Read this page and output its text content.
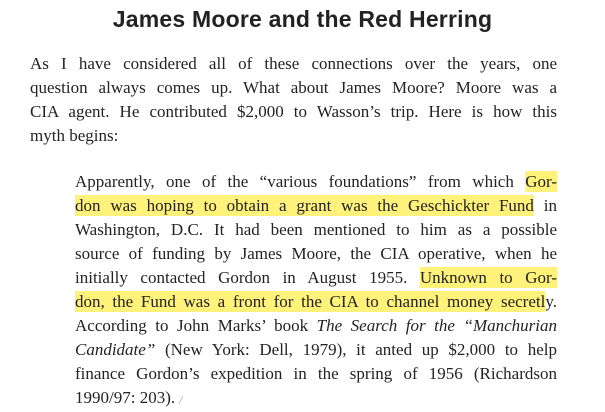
James Moore and the Red Herring
As I have considered all of these connections over the years, one
question always comes up. What about James Moore? Moore was a
CIA agent. He contributed $2,000 to Wasson’s trip. Here is how this
myth begins:
Apparently, one of the “various foundations” from which Gor-
don was hoping to obtain a grant was the Geschickter Fund in
Washington, D.C. It had been mentioned to him as a possible
source of funding by James Moore, the CIA operative, when he
initially contacted Gordon in August 1955. Unknown to Gor-
don, the Fund was a front for the CIA to channel money secretly.
According to John Marks’ book The Search for the “Manchurian
Candidate” (New York: Dell, 1979), it anted up $2,000 to help
finance Gordon’s expedition in the spring of 1956 (Richardson
1990/97: 203). /
